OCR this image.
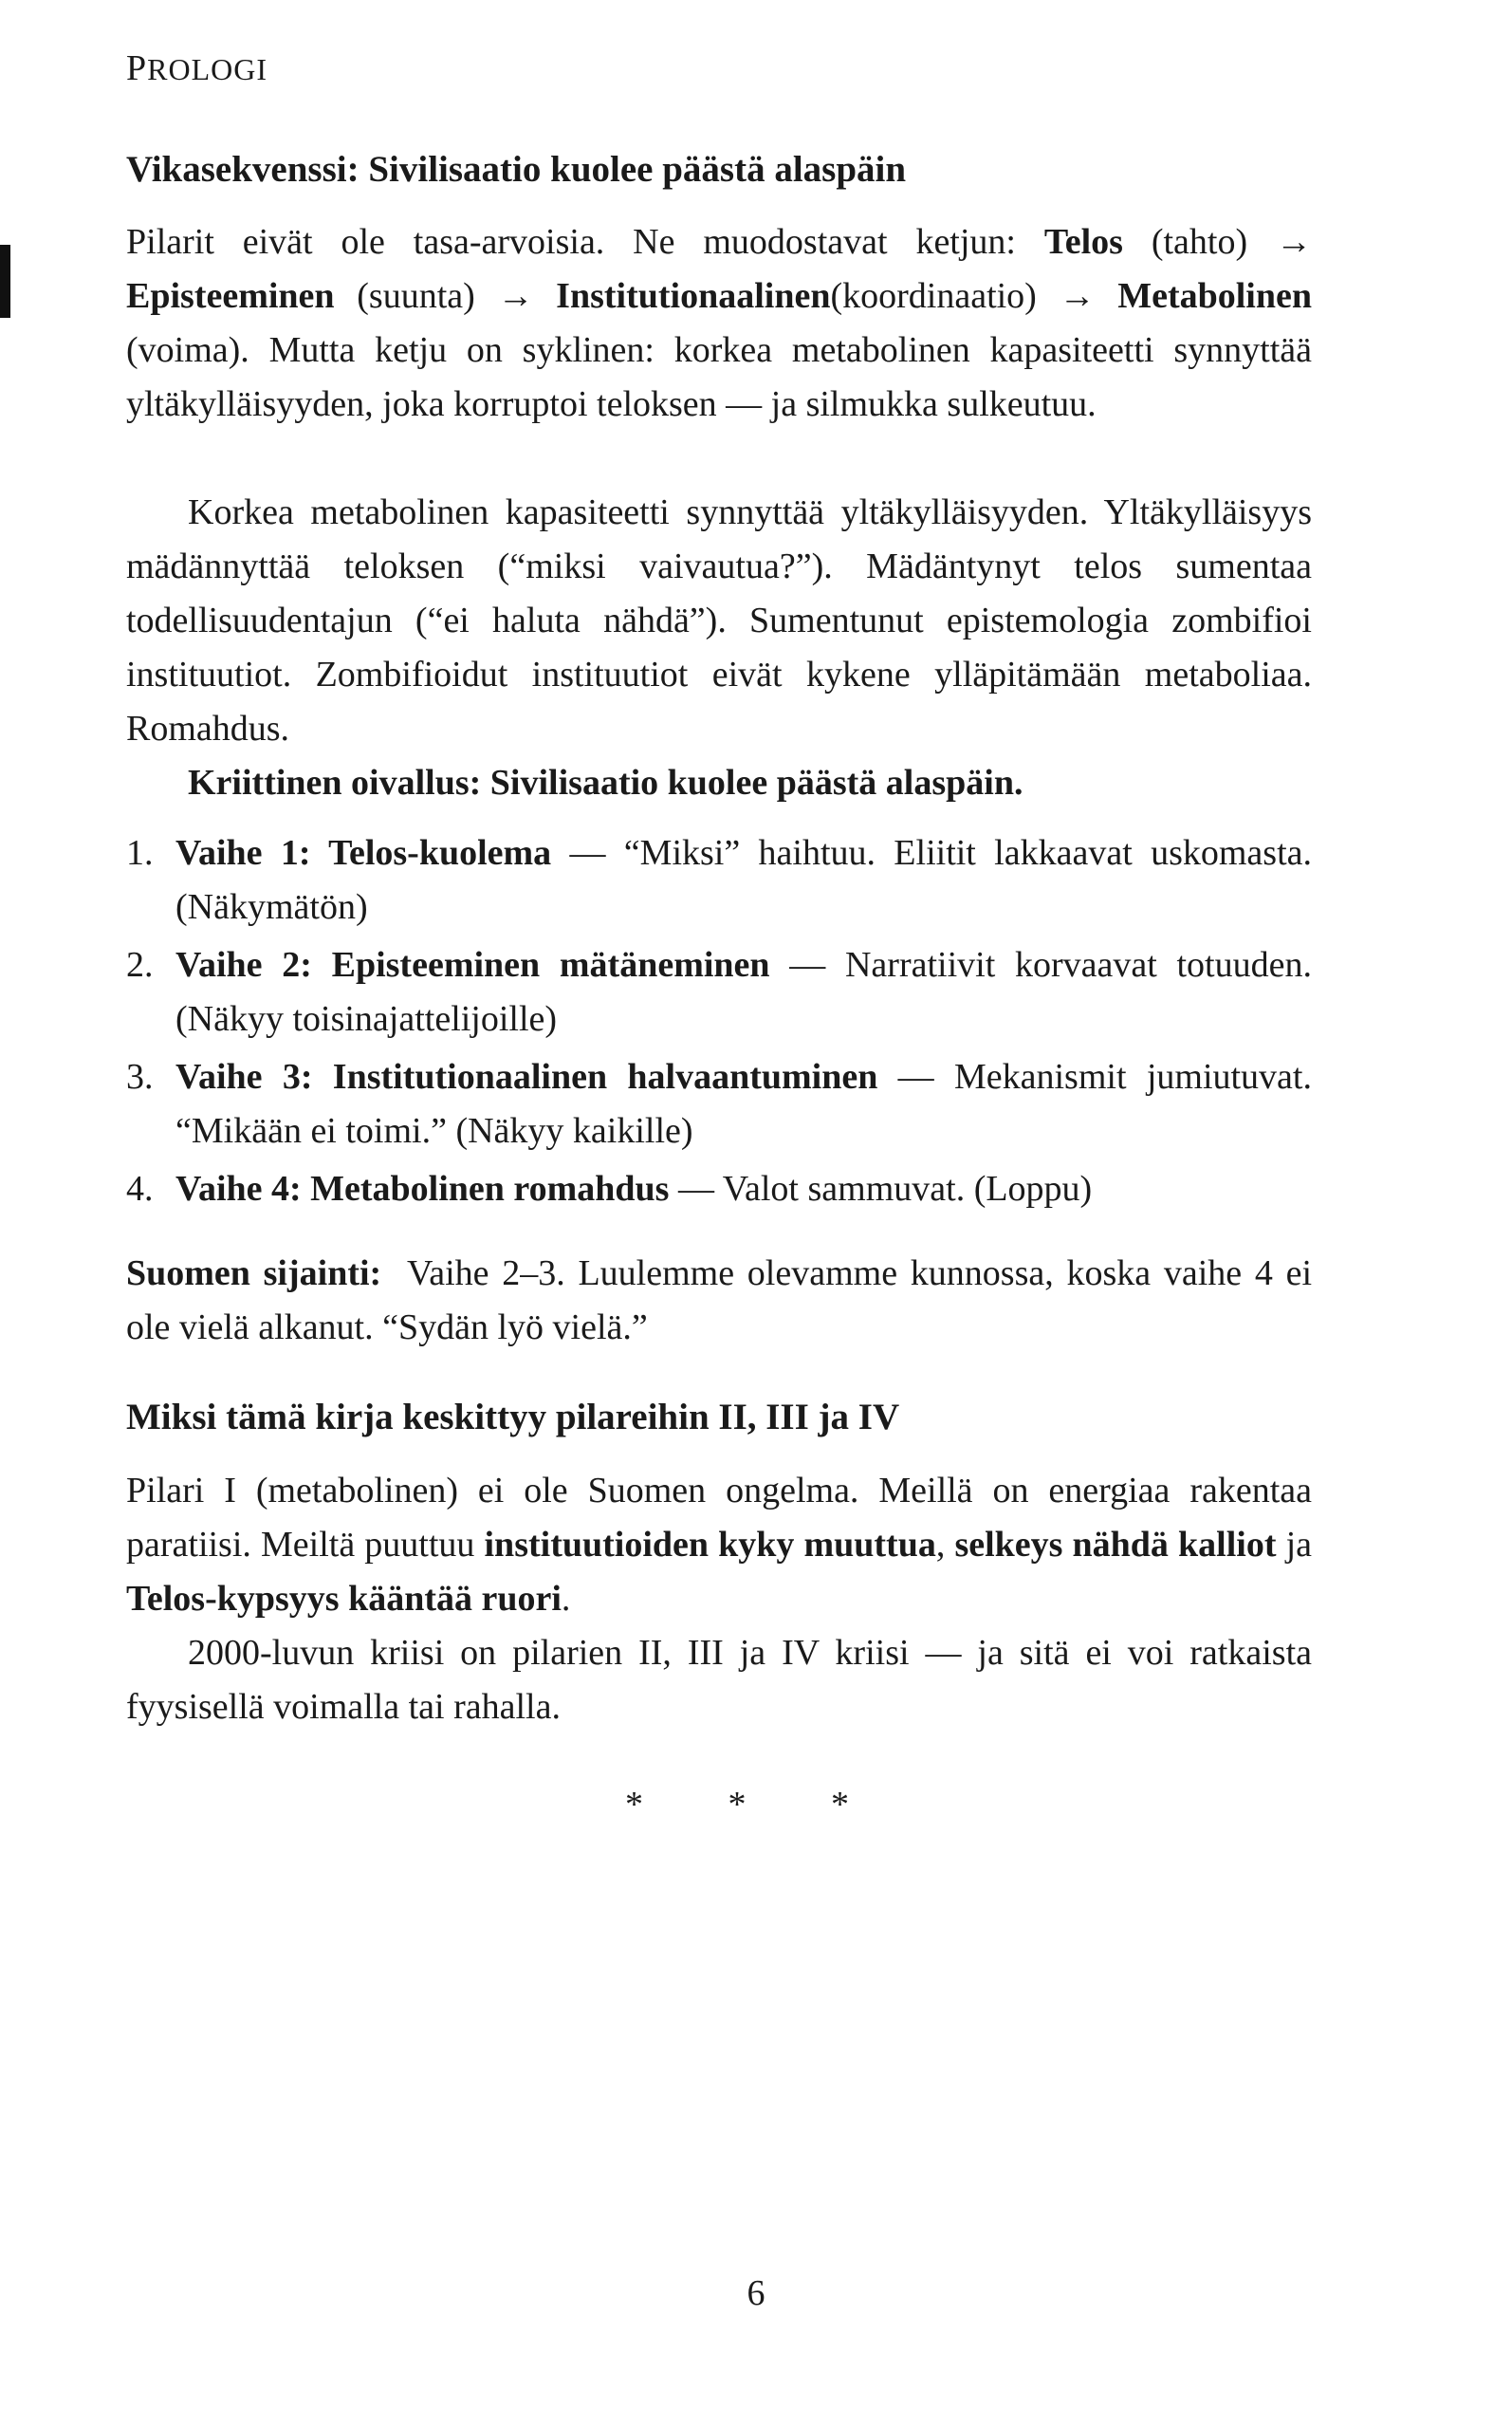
PROLOGI
Vikasekvenssi: Sivilisaatio kuolee päästä alaspäin
Pilarit eivät ole tasa-arvoisia. Ne muodostavat ketjun: Telos (tahto) → Episteeminen (suunta) → Institutionaalinen(koordinaatio) → Metabolinen (voima). Mutta ketju on syklinen: korkea metabolinen kapasiteetti synnyttää yltäkylläisyyden, joka korruptoi teloksen — ja silmukka sulkeutuu.
Korkea metabolinen kapasiteetti synnyttää yltäkylläisyyden. Yltäkylläisyys mädännyttää teloksen (“miksi vaivautua?”). Mädäntynyt telos sumentaa todellisuudentajun (“ei haluta nähdä”). Sumentunut epistemologia zombifioi instituutiot. Zombifioidut instituutiot eivät kykene ylläpitämään metaboliaa. Romahdus.
Kriittinen oivallus: Sivilisaatio kuolee päästä alaspäin.
1. Vaihe 1: Telos-kuolema — “Miksi” haihtuu. Eliitit lakkaavat uskomasta. (Näkymätön)
2. Vaihe 2: Episteeminen mätäneminen — Narratiivit korvaavat totuuden. (Näkyy toisinajattelijoille)
3. Vaihe 3: Institutionaalinen halvaantuminen — Mekanismit jumiutuvat. “Mikään ei toimi.” (Näkyy kaikille)
4. Vaihe 4: Metabolinen romahdus — Valot sammuvat. (Loppu)
Suomen sijainti:  Vaihe 2–3. Luulemme olevamme kunnossa, koska vaihe 4 ei ole vielä alkanut. “Sydän lyö vielä.”
Miksi tämä kirja keskittyy pilareihin II, III ja IV
Pilari I (metabolinen) ei ole Suomen ongelma. Meillä on energiaa rakentaa paratiisi. Meiltä puuttuu instituutioiden kyky muuttua, selkeys nähdä kalliot ja Telos-kypsyys kääntää ruori.
2000-luvun kriisi on pilarien II, III ja IV kriisi — ja sitä ei voi ratkaista fyysisellä voimalla tai rahalla.
* * *
6
